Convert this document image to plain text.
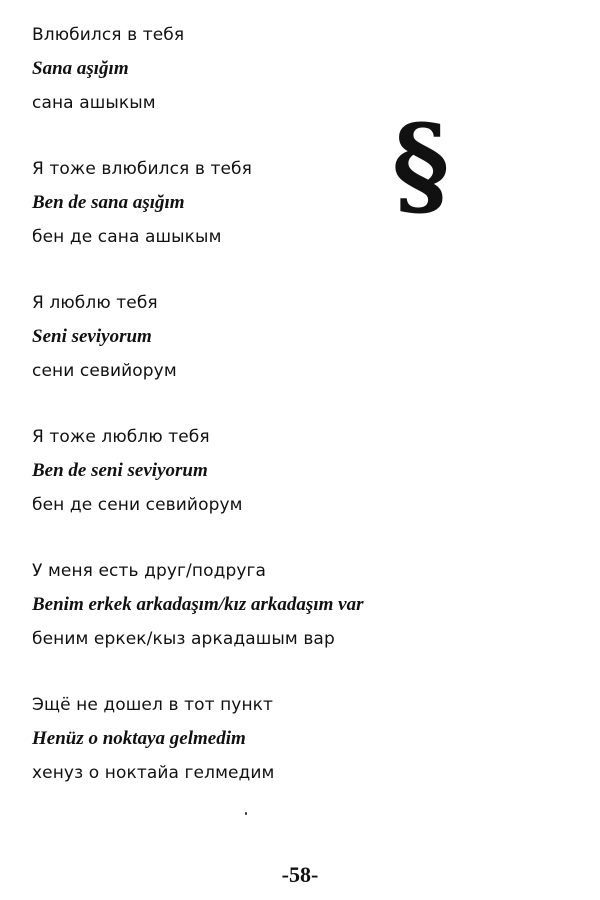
Влюбился в тебя
Sana aşığım
сана ашыкым
Я тоже влюбился в тебя
Ben de sana aşığım
бен де сана ашыкым
Я люблю тебя
Seni seviyorum
сени севийорум
Я тоже люблю тебя
Ben de seni seviyorum
бен де сени севийорум
У меня есть друг/подруга
Benim erkek arkadaşım/kız arkadaşım var
беним еркек/кыз аркадашым вар
Эщё не дошел в тот пункт
Henüz o noktaya gelmedim
хенуз о ноктайа гелмедим
§
-58-
